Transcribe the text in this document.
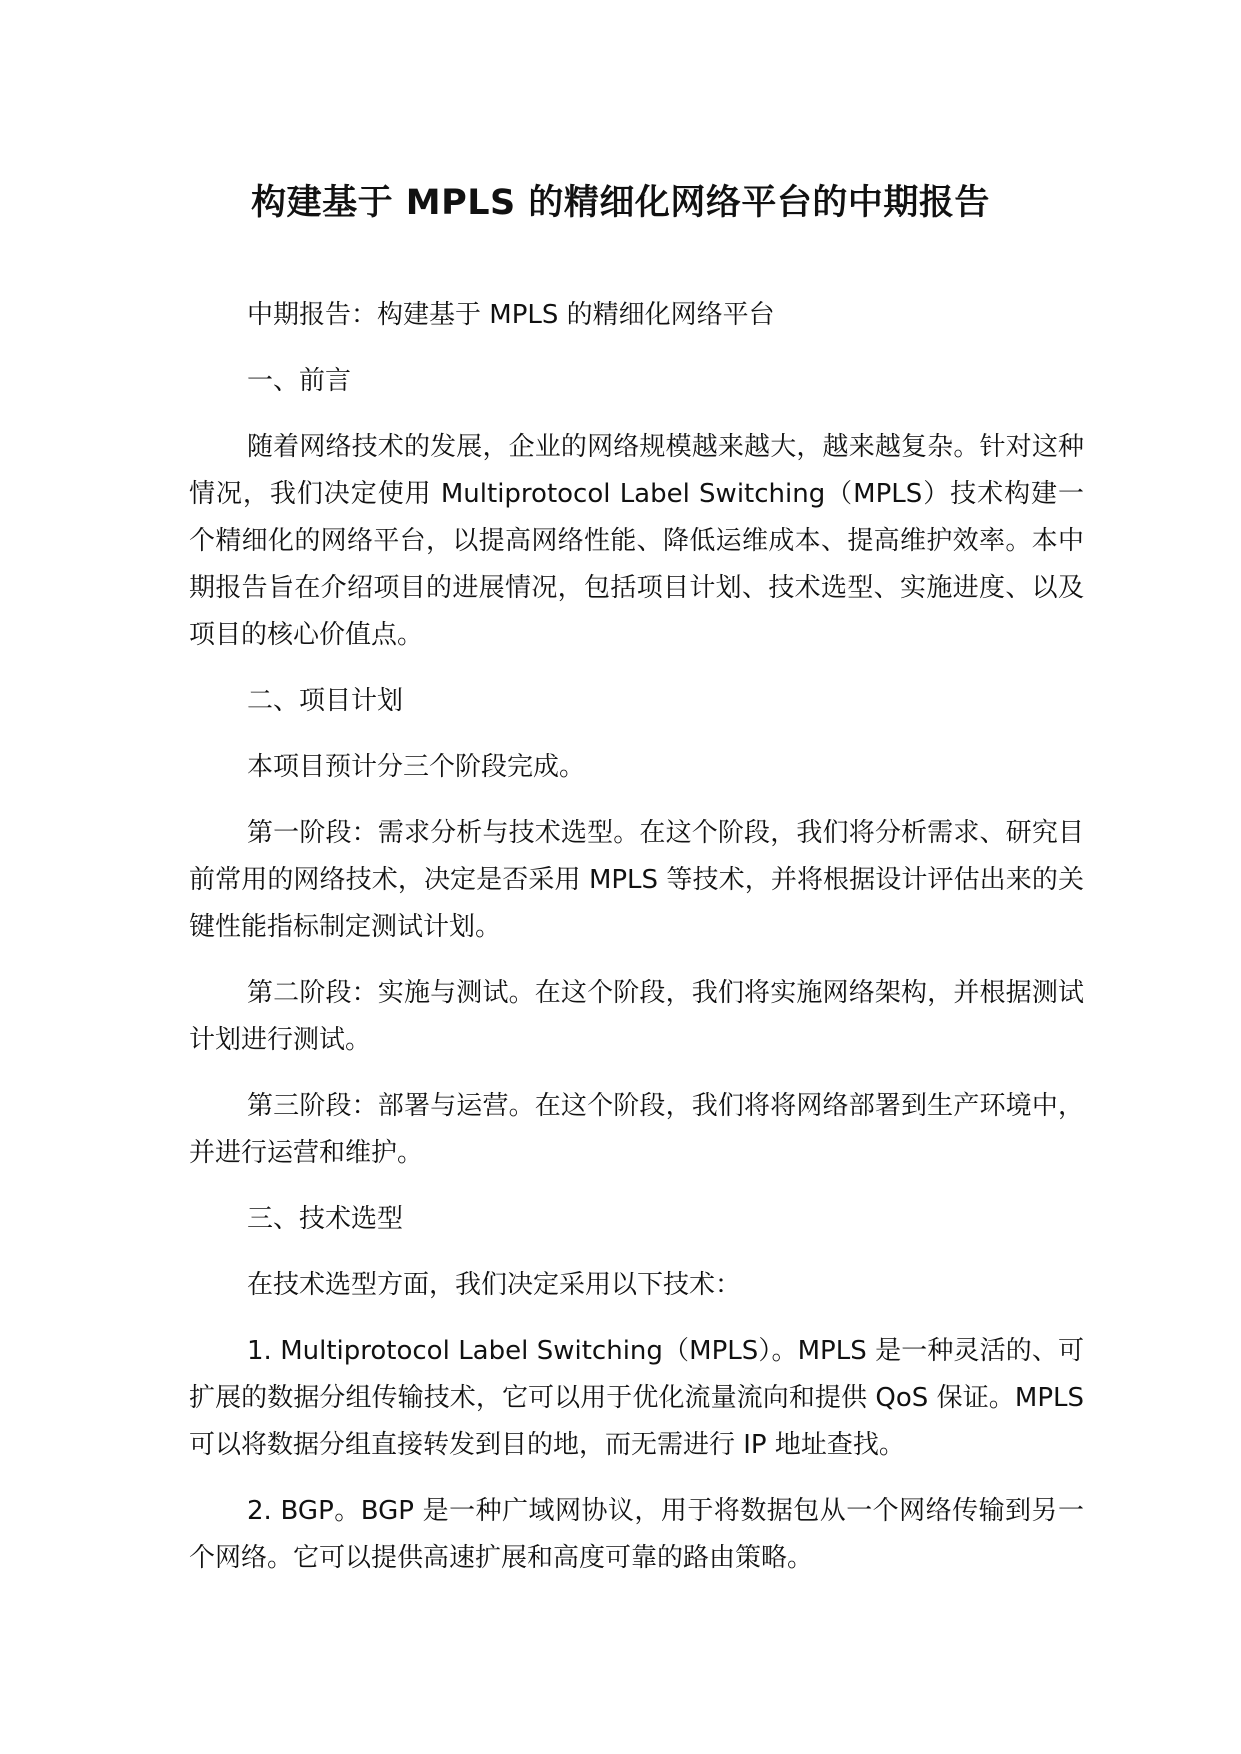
构建基于 MPLS 的精细化网络平台的中期报告

中期报告：构建基于 MPLS 的精细化网络平台

一、前言

随着网络技术的发展，企业的网络规模越来越大，越来越复杂。针对这种情况，我们决定使用 Multiprotocol Label Switching（MPLS）技术构建一个精细化的网络平台，以提高网络性能、降低运维成本、提高维护效率。本中期报告旨在介绍项目的进展情况，包括项目计划、技术选型、实施进度、以及项目的核心价值点。

二、项目计划

本项目预计分三个阶段完成。

第一阶段：需求分析与技术选型。在这个阶段，我们将分析需求、研究目前常用的网络技术，决定是否采用 MPLS 等技术，并将根据设计评估出来的关键性能指标制定测试计划。

第二阶段：实施与测试。在这个阶段，我们将实施网络架构，并根据测试计划进行测试。

第三阶段：部署与运营。在这个阶段，我们将将网络部署到生产环境中，并进行运营和维护。

三、技术选型

在技术选型方面，我们决定采用以下技术：

1. Multiprotocol Label Switching（MPLS）。MPLS 是一种灵活的、可扩展的数据分组传输技术，它可以用于优化流量流向和提供 QoS 保证。MPLS 可以将数据分组直接转发到目的地，而无需进行 IP 地址查找。

2. BGP。BGP 是一种广域网协议，用于将数据包从一个网络传输到另一个网络。它可以提供高速扩展和高度可靠的路由策略。
